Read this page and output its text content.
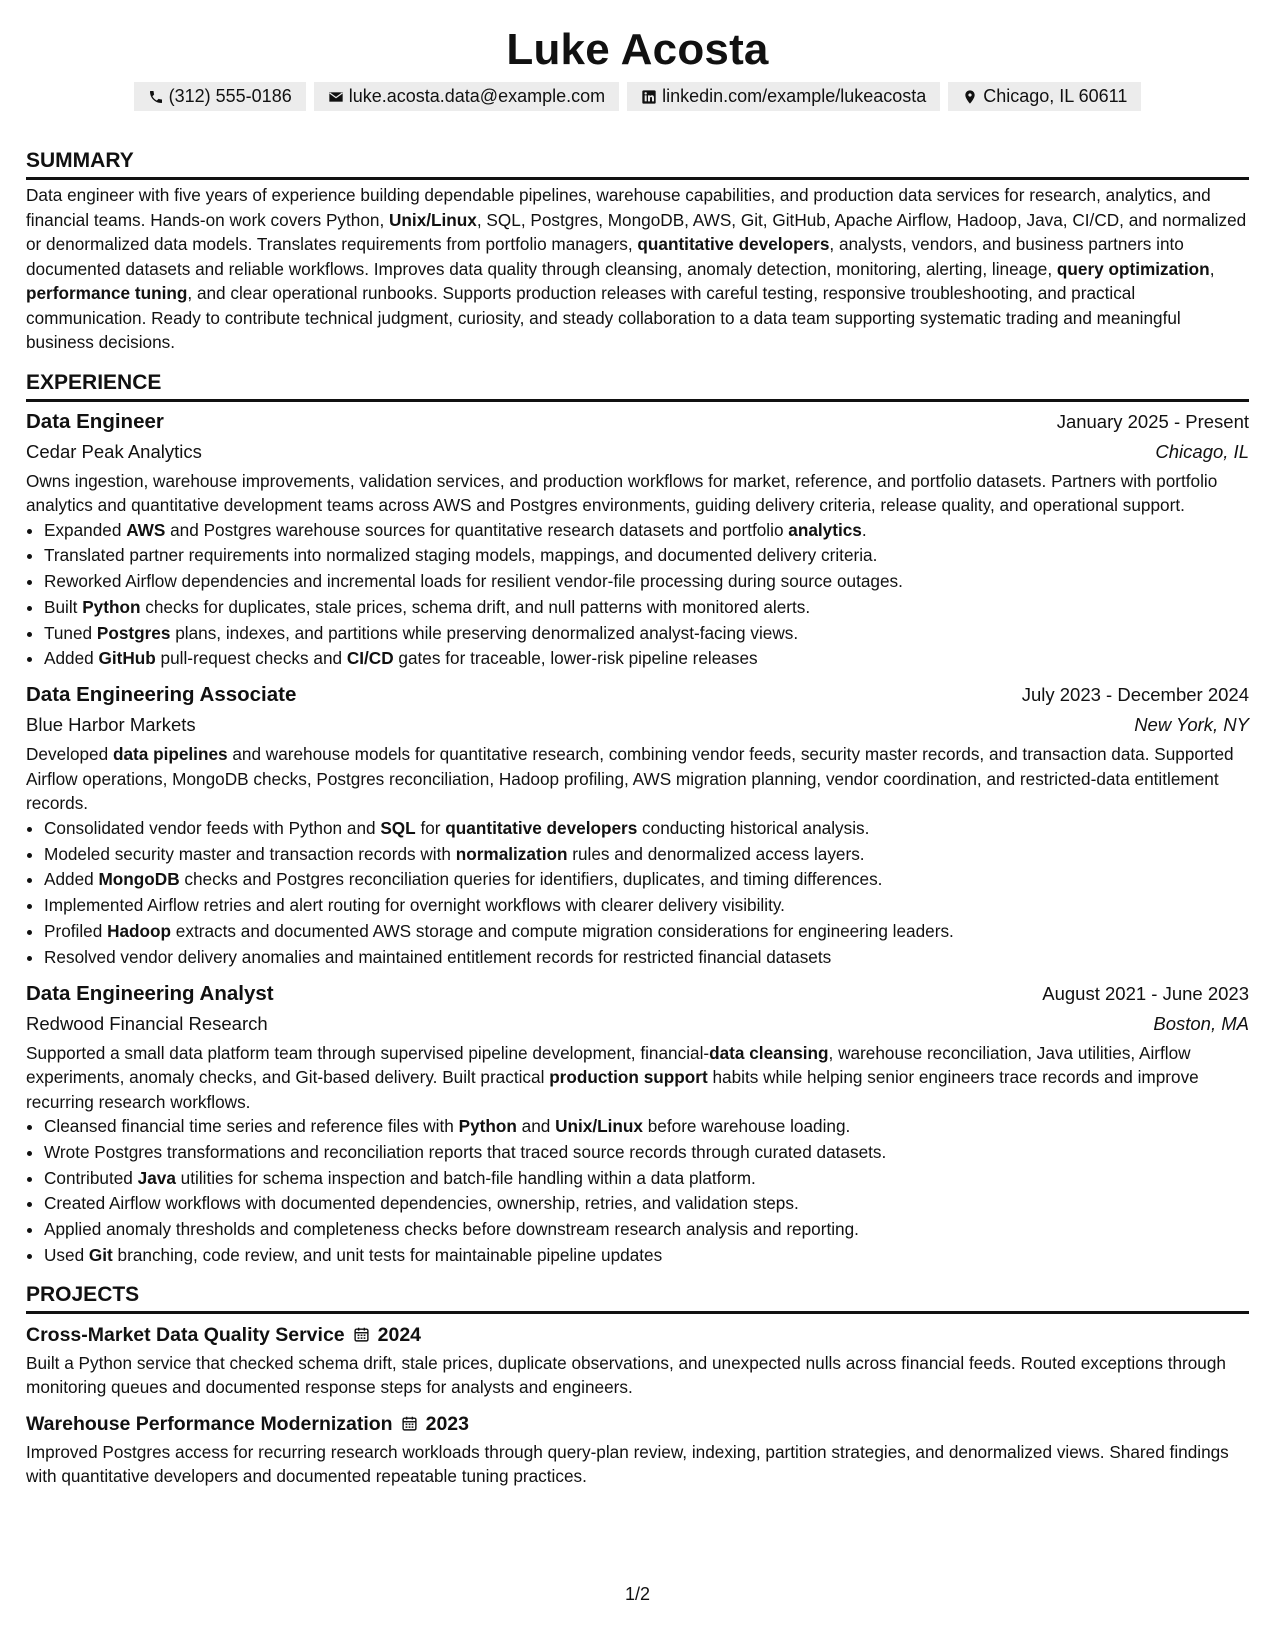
Luke Acosta
(312) 555-0186	luke.acosta.data@example.com	linkedin.com/example/lukeacosta	Chicago, IL 60611
SUMMARY

Data engineer with five years of experience building dependable pipelines, warehouse capabilities, and production data services for research, analytics, and financial teams. Hands-on work covers Python, Unix/Linux, SQL, Postgres, MongoDB, AWS, Git, GitHub, Apache Airflow, Hadoop, Java, CI/CD, and normalized or denormalized data models. Translates requirements from portfolio managers, quantitative developers, analysts, vendors, and business partners into documented datasets and reliable workflows. Improves data quality through cleansing, anomaly detection, monitoring, alerting, lineage, query optimization, performance tuning, and clear operational runbooks. Supports production releases with careful testing, responsive troubleshooting, and practical communication. Ready to contribute technical judgment, curiosity, and steady collaboration to a data team supporting systematic trading and meaningful business decisions.

EXPERIENCE
Data Engineer	January 2025 - Present
Cedar Peak Analytics	Chicago, IL

Owns ingestion, warehouse improvements, validation services, and production workflows for market, reference, and portfolio datasets. Partners with portfolio analytics and quantitative development teams across AWS and Postgres environments, guiding delivery criteria, release quality, and operational support.

• Expanded AWS and Postgres warehouse sources for quantitative research datasets and portfolio analytics.
• Translated partner requirements into normalized staging models, mappings, and documented delivery criteria.
• Reworked Airflow dependencies and incremental loads for resilient vendor-file processing during source outages.
• Built Python checks for duplicates, stale prices, schema drift, and null patterns with monitored alerts.
• Tuned Postgres plans, indexes, and partitions while preserving denormalized analyst-facing views.
• Added GitHub pull-request checks and CI/CD gates for traceable, lower-risk pipeline releases
Data Engineering Associate	July 2023 - December 2024
Blue Harbor Markets	New York, NY

Developed data pipelines and warehouse models for quantitative research, combining vendor feeds, security master records, and transaction data. Supported Airflow operations, MongoDB checks, Postgres reconciliation, Hadoop profiling, AWS migration planning, vendor coordination, and restricted-data entitlement records.

• Consolidated vendor feeds with Python and SQL for quantitative developers conducting historical analysis.
• Modeled security master and transaction records with normalization rules and denormalized access layers.
• Added MongoDB checks and Postgres reconciliation queries for identifiers, duplicates, and timing differences.
• Implemented Airflow retries and alert routing for overnight workflows with clearer delivery visibility.
• Profiled Hadoop extracts and documented AWS storage and compute migration considerations for engineering leaders.
• Resolved vendor delivery anomalies and maintained entitlement records for restricted financial datasets
Data Engineering Analyst	August 2021 - June 2023
Redwood Financial Research	Boston, MA

Supported a small data platform team through supervised pipeline development, financial-data cleansing, warehouse reconciliation, Java utilities, Airflow experiments, anomaly checks, and Git-based delivery. Built practical production support habits while helping senior engineers trace records and improve recurring research workflows.

• Cleansed financial time series and reference files with Python and Unix/Linux before warehouse loading.
• Wrote Postgres transformations and reconciliation reports that traced source records through curated datasets.
• Contributed Java utilities for schema inspection and batch-file handling within a data platform.
• Created Airflow workflows with documented dependencies, ownership, retries, and validation steps.
• Applied anomaly thresholds and completeness checks before downstream research analysis and reporting.
• Used Git branching, code review, and unit tests for maintainable pipeline updates
PROJECTS
Cross-Market Data Quality Service 2024

Built a Python service that checked schema drift, stale prices, duplicate observations, and unexpected nulls across financial feeds. Routed exceptions through monitoring queues and documented response steps for analysts and engineers.

Warehouse Performance Modernization 2023

Improved Postgres access for recurring research workloads through query-plan review, indexing, partition strategies, and denormalized views. Shared findings with quantitative developers and documented repeatable tuning practices.

1/2
